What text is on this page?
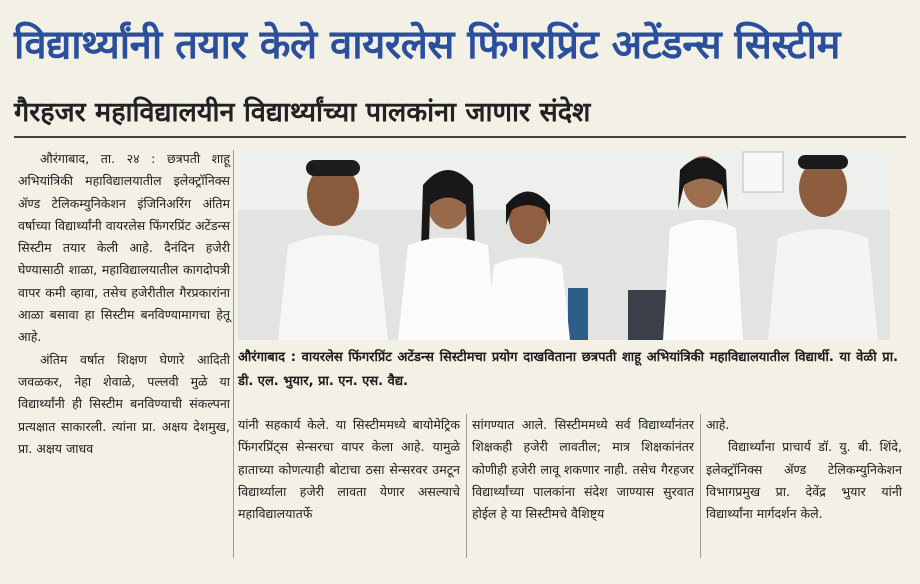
विद्यार्थ्यांनी तयार केले वायरलेस फिंगरप्रिंट अटेंडन्स सिस्टीम
गैरहजर महाविद्यालयीन विद्यार्थ्यांच्या पालकांना जाणार संदेश

औरंगाबाद, ता. २४ : छत्रपती शाहू अभियांत्रिकी महाविद्यालयातील इलेक्ट्रॉनिक्स ॲण्ड टेलिकम्युनिकेशन इंजिनिअरिंग अंतिम वर्षाच्या विद्यार्थ्यांनी वायरलेस फिंगरप्रिंट अटेंडन्स सिस्टीम तयार केली आहे. दैनंदिन हजेरी घेण्यासाठी शाळा, महाविद्यालयातील कागदोपत्री वापर कमी व्हावा, तसेच हजेरीतील गैरप्रकारांना आळा बसावा हा सिस्टीम बनविण्यामागचा हेतू आहे.

अंतिम वर्षात शिक्षण घेणारे आदिती जवळकर, नेहा शेवाळे, पल्लवी मुळे या विद्यार्थ्यांनी ही सिस्टीम बनविण्याची संकल्पना प्रत्यक्षात साकारली. त्यांना प्रा. अक्षय देशमुख, प्रा. अक्षय जाधव

औरंगाबाद : वायरलेस फिंगरप्रिंट अटेंडन्स सिस्टीमचा प्रयोग दाखविताना छत्रपती शाहू अभियांत्रिकी महाविद्यालयातील विद्यार्थी. या वेळी प्रा. डी. एल. भुयार, प्रा. एन. एस. वैद्य.

यांनी सहकार्य केले. या सिस्टीममध्ये बायोमेट्रिक फिंगरप्रिंट्स सेन्सरचा वापर केला आहे. यामुळे हाताच्या कोणत्याही बोटाचा ठसा सेन्सरवर उमटून विद्यार्थ्याला हजेरी लावता येणार असल्याचे महाविद्यालयातर्फे

सांगण्यात आले. सिस्टीममध्ये सर्व विद्यार्थ्यांनंतर शिक्षकही हजेरी लावतील; मात्र शिक्षकांनंतर कोणीही हजेरी लावू शकणार नाही. तसेच गैरहजर विद्यार्थ्यांच्या पालकांना संदेश जाण्यास सुरवात होईल हे या सिस्टीमचे वैशिष्ट्य

आहे.

विद्यार्थ्यांना प्राचार्य डॉ. यु. बी. शिंदे, इलेक्ट्रॉनिक्स ॲण्ड टेलिकम्युनिकेशन विभागप्रमुख प्रा. देवेंद्र भुयार यांनी विद्यार्थ्यांना मार्गदर्शन केले.
